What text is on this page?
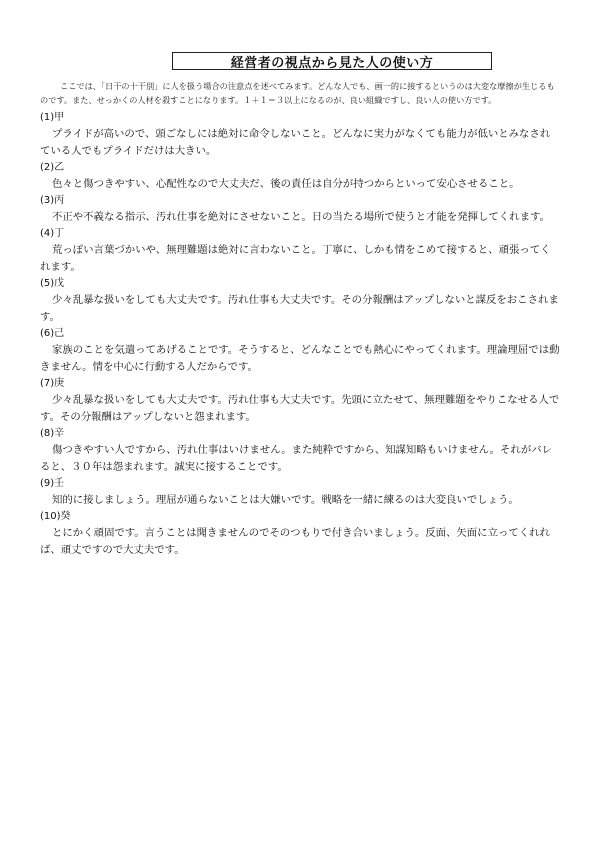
経営者の視点から見た人の使い方

ここでは、「日干の十干別」に人を扱う場合の注意点を述べてみます。どんな人でも、画一的に接するというのは大変な摩擦が生じるものです。また、せっかくの人材を殺すことになります。１＋１＝３以上になるのが、良い組織ですし、良い人の使い方です。

(1)甲

プライドが高いので、頭ごなしには絶対に命令しないこと。どんなに実力がなくても能力が低いとみなされている人でもプライドだけは大きい。

(2)乙

色々と傷つきやすい、心配性なので大丈夫だ、後の責任は自分が持つからといって安心させること。

(3)丙

不正や不義なる指示、汚れ仕事を絶対にさせないこと。日の当たる場所で使うと才能を発揮してくれます。

(4)丁

荒っぽい言葉づかいや、無理難題は絶対に言わないこと。丁寧に、しかも情をこめて接すると、頑張ってくれます。

(5)戊

少々乱暴な扱いをしても大丈夫です。汚れ仕事も大丈夫です。その分報酬はアップしないと謀反をおこされます。

(6)己

家族のことを気遣ってあげることです。そうすると、どんなことでも熱心にやってくれます。理論理屈では動きません。情を中心に行動する人だからです。

(7)庚

少々乱暴な扱いをしても大丈夫です。汚れ仕事も大丈夫です。先頭に立たせて、無理難題をやりこなせる人です。その分報酬はアップしないと怨まれます。

(8)辛

傷つきやすい人ですから、汚れ仕事はいけません。また純粋ですから、知謀知略もいけません。それがバレると、３０年は怨まれます。誠実に接することです。

(9)壬

知的に接しましょう。理屈が通らないことは大嫌いです。戦略を一緒に練るのは大変良いでしょう。

(10)癸

とにかく頑固です。言うことは聞きませんのでそのつもりで付き合いましょう。反面、矢面に立ってくれれば、頑丈ですので大丈夫です。
